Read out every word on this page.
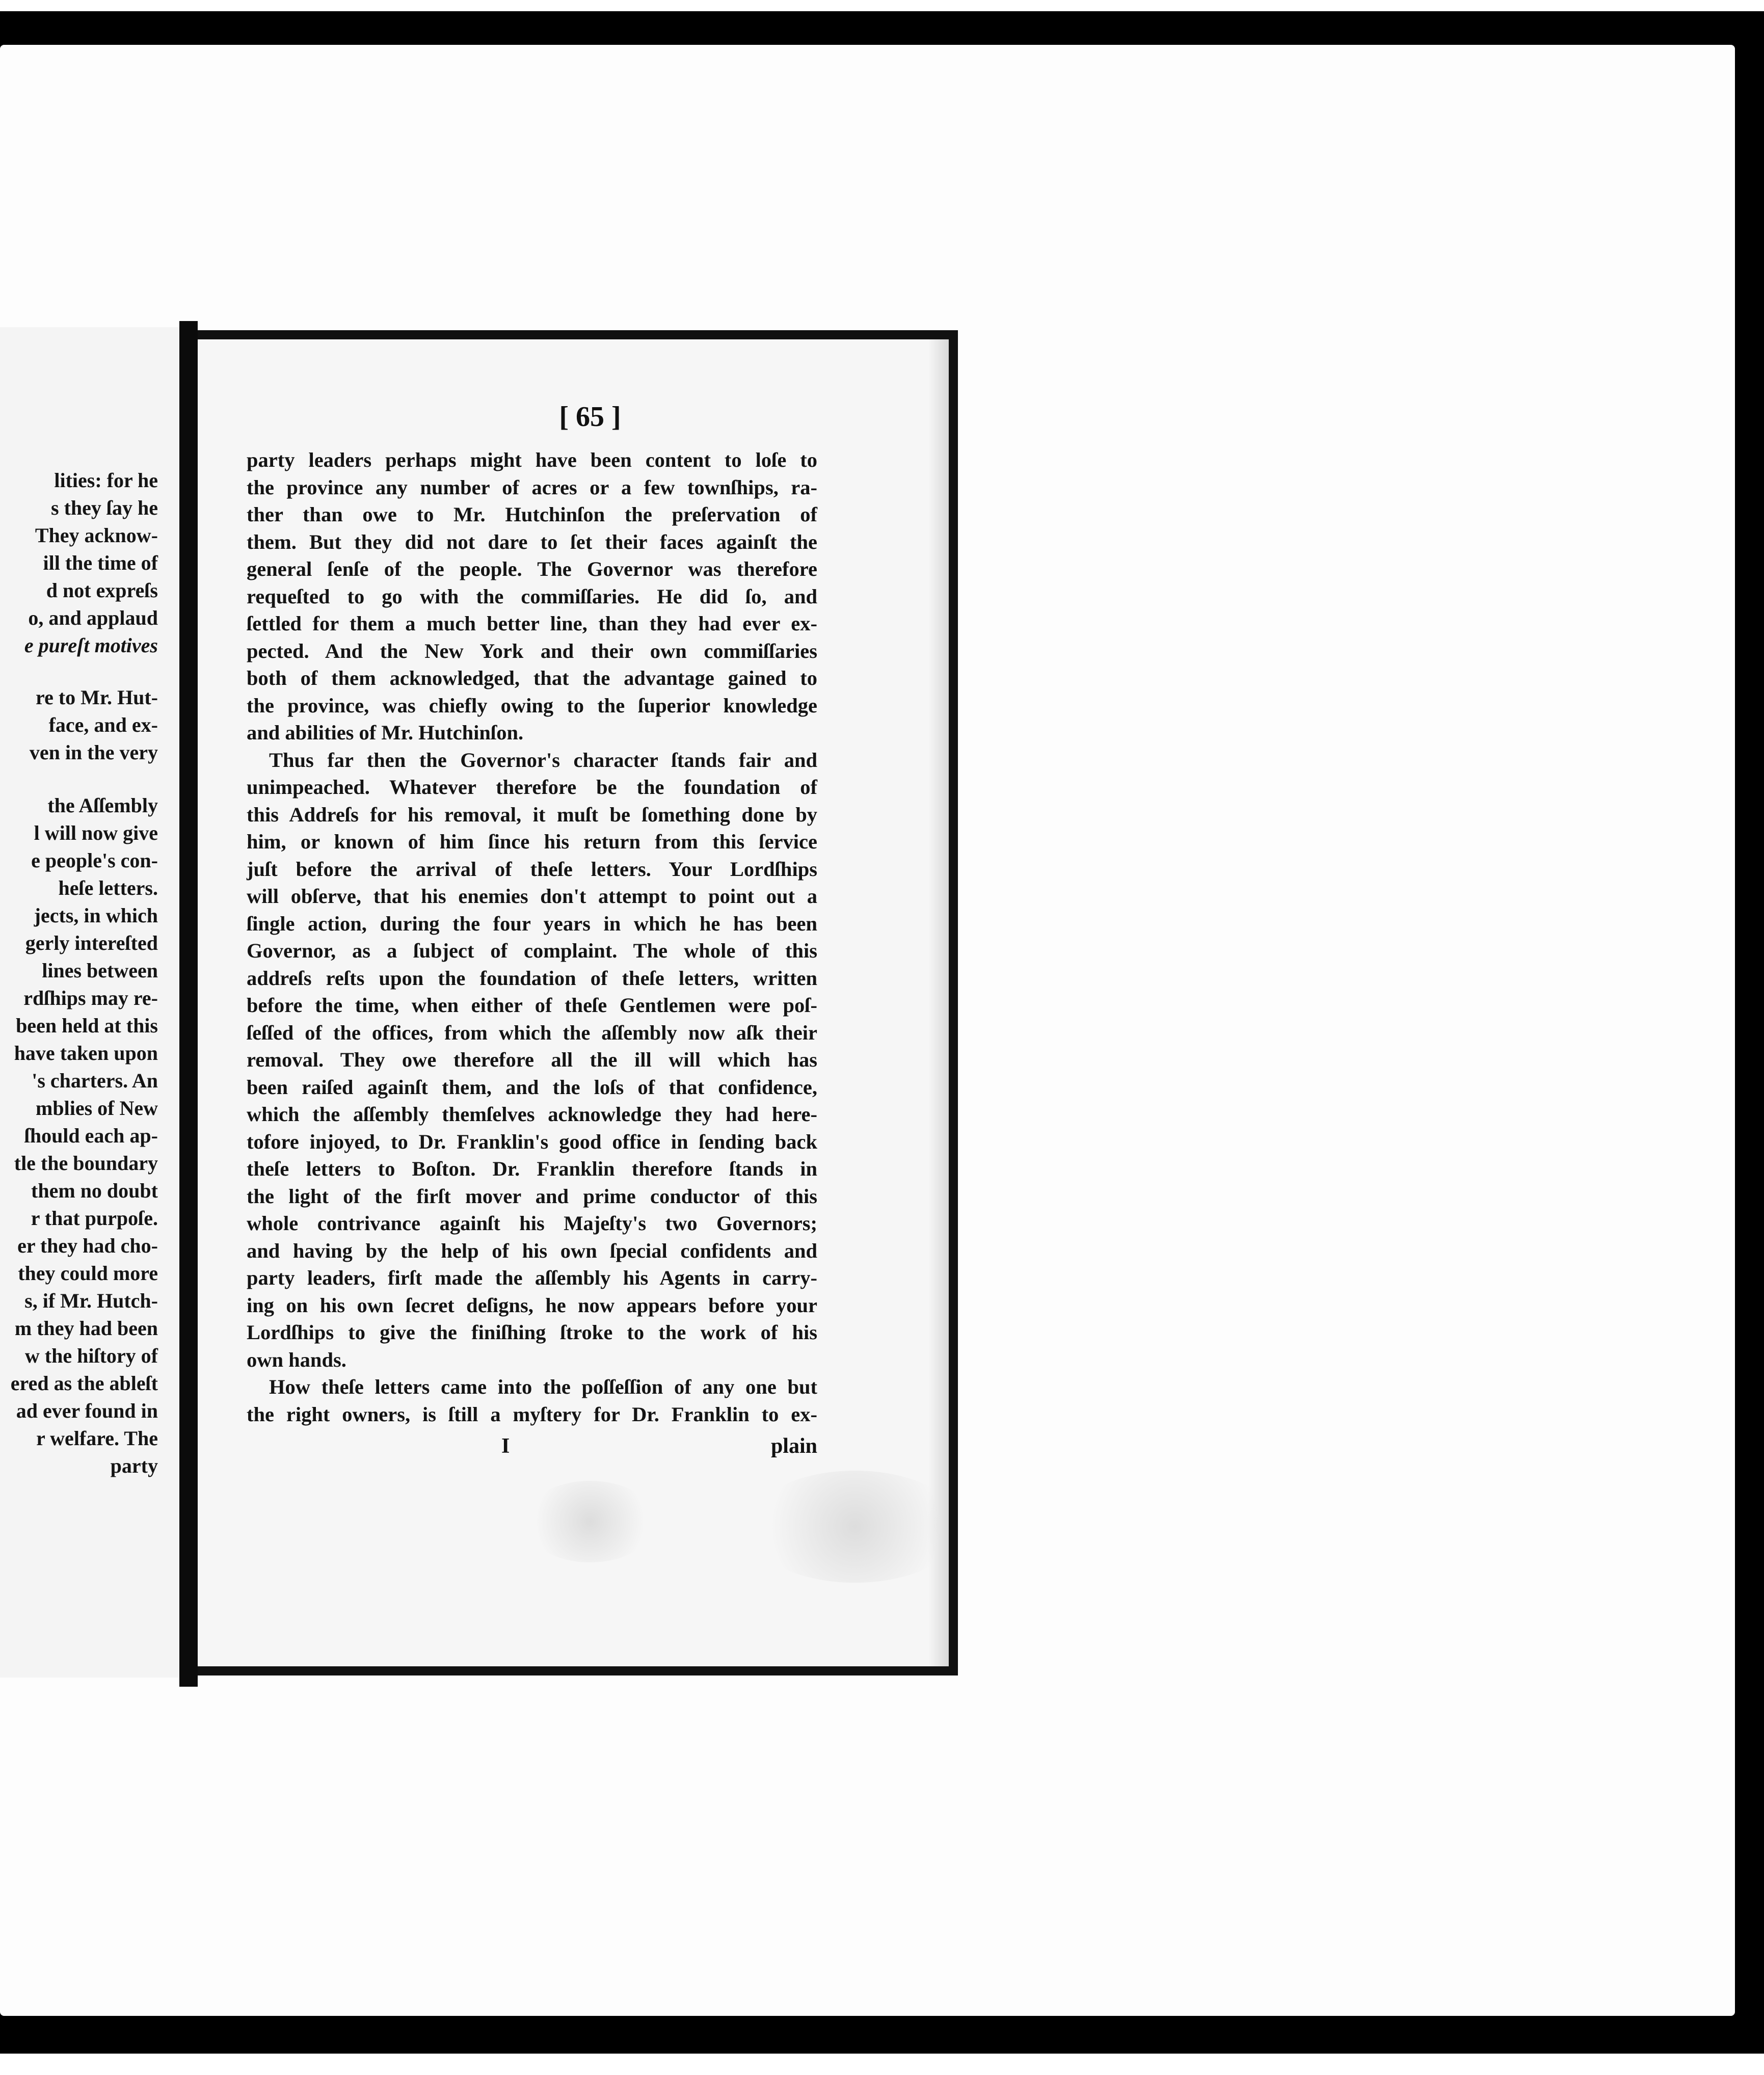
lities: for he
s they ſay he
They acknow-
ill the time of
d not expreſs
o, and applaud
e pureſt motives
re to Mr. Hut-
face, and ex-
ven in the very
the Aſſembly
l will now give
e people's con-
heſe letters.
jects, in which
gerly intereſted
lines between
rdſhips may re-
been held at this
have taken upon
's charters. An
mblies of New
ſhould each ap-
tle the boundary
them no doubt
r that purpoſe.
er they had cho-
they could more
s, if Mr. Hutch-
m they had been
w the hiſtory of
ered as the ableſt
ad ever found in
r welfare. The
party
[ 65 ]
party leaders perhaps might have been content to loſe to
the province any number of acres or a few townſhips, ra-
ther than owe to Mr. Hutchinſon the preſervation of
them. But they did not dare to ſet their faces againſt the
general ſenſe of the people. The Governor was therefore
requeſted to go with the commiſſaries. He did ſo, and
ſettled for them a much better line, than they had ever ex-
pected. And the New York and their own commiſſaries
both of them acknowledged, that the advantage gained to
the province, was chiefly owing to the ſuperior knowledge
and abilities of Mr. Hutchinſon.
Thus far then the Governor's character ſtands fair and
unimpeached. Whatever therefore be the foundation of
this Addreſs for his removal, it muſt be ſomething done by
him, or known of him ſince his return from this ſervice
juſt before the arrival of theſe letters. Your Lordſhips
will obſerve, that his enemies don't attempt to point out a
ſingle action, during the four years in which he has been
Governor, as a ſubject of complaint. The whole of this
addreſs reſts upon the foundation of theſe letters, written
before the time, when either of theſe Gentlemen were poſ-
ſeſſed of the offices, from which the aſſembly now aſk their
removal. They owe therefore all the ill will which has
been raiſed againſt them, and the loſs of that confidence,
which the aſſembly themſelves acknowledge they had here-
tofore injoyed, to Dr. Franklin's good office in ſending back
theſe letters to Boſton. Dr. Franklin therefore ſtands in
the light of the firſt mover and prime conductor of this
whole contrivance againſt his Majeſty's two Governors;
and having by the help of his own ſpecial confidents and
party leaders, firſt made the aſſembly his Agents in carry-
ing on his own ſecret deſigns, he now appears before your
Lordſhips to give the finiſhing ſtroke to the work of his
own hands.
How theſe letters came into the poſſeſſion of any one but
the right owners, is ſtill a myſtery for Dr. Franklin to ex-
I	plain
